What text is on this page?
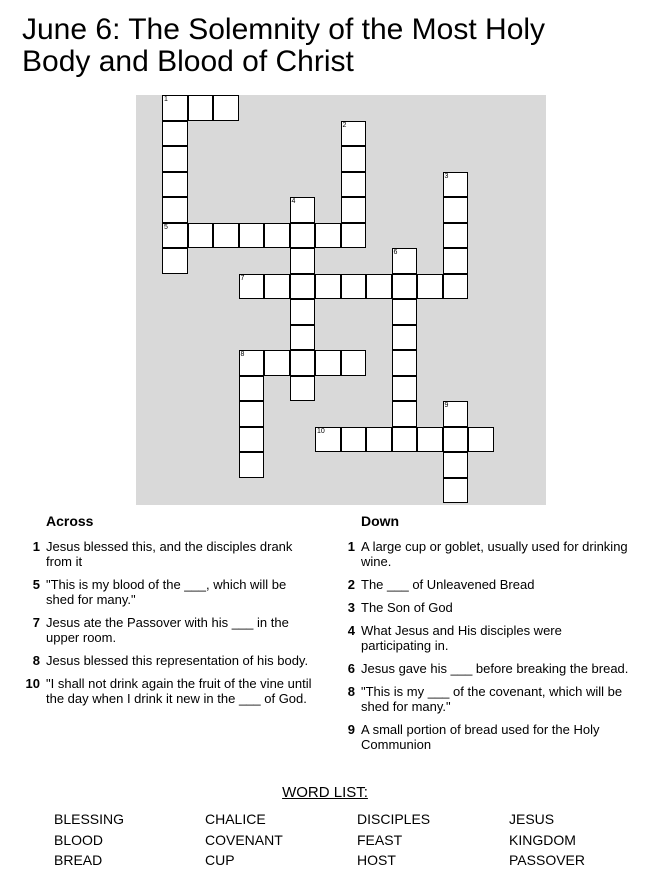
June 6: The Solemnity of the Most Holy
Body and Blood of Christ
1
5
2
3
4
6
7
8
9
10
Across	Down
1 Jesus blessed this, and the disciples drank from it
5 "This is my blood of the ___, which will be shed for many."
7 Jesus ate the Passover with his ___ in the upper room.
8 Jesus blessed this representation of his body.
10 "I shall not drink again the fruit of the vine until the day when I drink it new in the ___ of God.
1 A large cup or goblet, usually used for drinking wine.
2 The ___ of Unleavened Bread
3 The Son of God
4 What Jesus and His disciples were participating in.
6 Jesus gave his ___ before breaking the bread.
8 "This is my ___ of the covenant, which will be shed for many."
9 A small portion of bread used for the Holy Communion
WORD LIST:
BLESSING	CHALICE	DISCIPLES	JESUS
BLOOD	COVENANT	FEAST	KINGDOM
BREAD	CUP	HOST	PASSOVER
